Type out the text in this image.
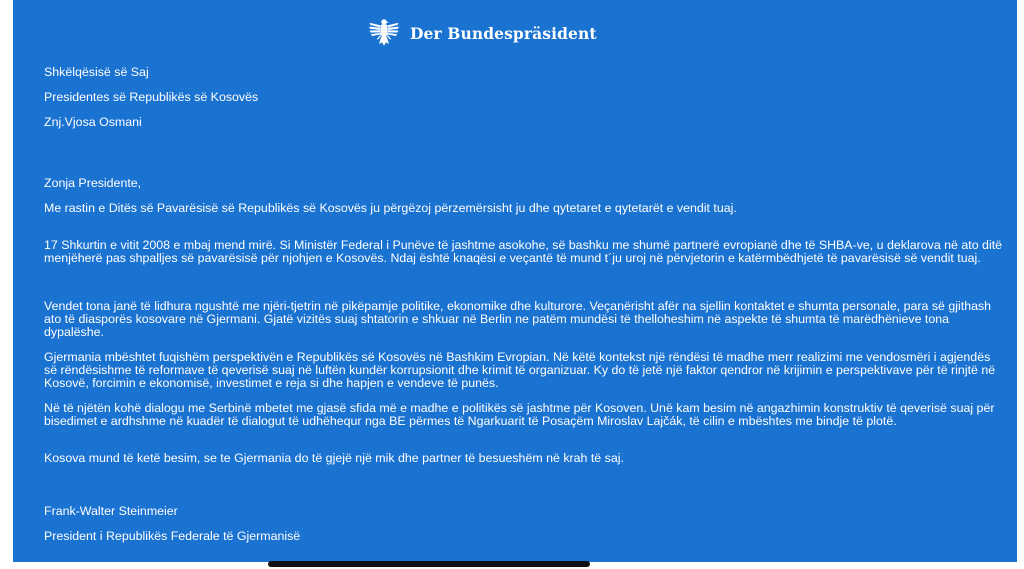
Der Bundespräsident

Shkëlqësisë së Saj

Presidentes së Republikës së Kosovës

Znj.Vjosa Osmani

Zonja Presidente,

Me rastin e Ditës së Pavarësisë së Republikës së Kosovës ju përgëzoj përzemërsisht ju dhe qytetaret e qytetarët e vendit tuaj.

17 Shkurtin e vitit 2008 e mbaj mend mirë. Si Ministër Federal i Punëve të jashtme asokohe, së bashku me shumë partnerë evropianë dhe të SHBA-ve, u deklarova në ato ditë menjëherë pas shpalljes së pavarësisë për njohjen e Kosovës. Ndaj është knaqësi e veçantë të mund t´ju uroj në përvjetorin e katërmbëdhjetë të pavarësisë së vendit tuaj.

Vendet tona janë të lidhura ngushtë me njëri-tjetrin në pikëpamje politike, ekonomike dhe kulturore. Veçanërisht afër na sjellin kontaktet e shumta personale, para së gjithash ato të diasporës kosovare në Gjermani. Gjatë vizitës suaj shtatorin e shkuar në Berlin ne patëm mundësi të thelloheshim në aspekte të shumta të marëdhënieve tona dypalëshe.

Gjermania mbështet fuqishëm perspektivën e Republikës së Kosovës në Bashkim Evropian. Në këtë kontekst një rëndësi të madhe merr realizimi me vendosmëri i agjendës së rëndësishme të reformave të qeverisë suaj në luftën kundër korrupsionit dhe krimit të organizuar. Ky do të jetë një faktor qendror në krijimin e perspektivave për të rinjtë në Kosovë, forcimin e ekonomisë, investimet e reja si dhe hapjen e vendeve të punës.

Në të njëtën kohë dialogu me Serbinë mbetet me gjasë sfida më e madhe e politikës së jashtme për Kosoven. Unë kam besim në angazhimin konstruktiv të qeverisë suaj për bisedimet e ardhshme në kuadër të dialogut të udhëhequr nga BE përmes të Ngarkuarit të Posaçëm Miroslav Lajčák, të cilin e mbështes me bindje të plotë.

Kosova mund të ketë besim, se te Gjermania do të gjejë një mik dhe partner të besueshëm në krah të saj.

Frank-Walter Steinmeier

President i Republikës Federale të Gjermanisë
